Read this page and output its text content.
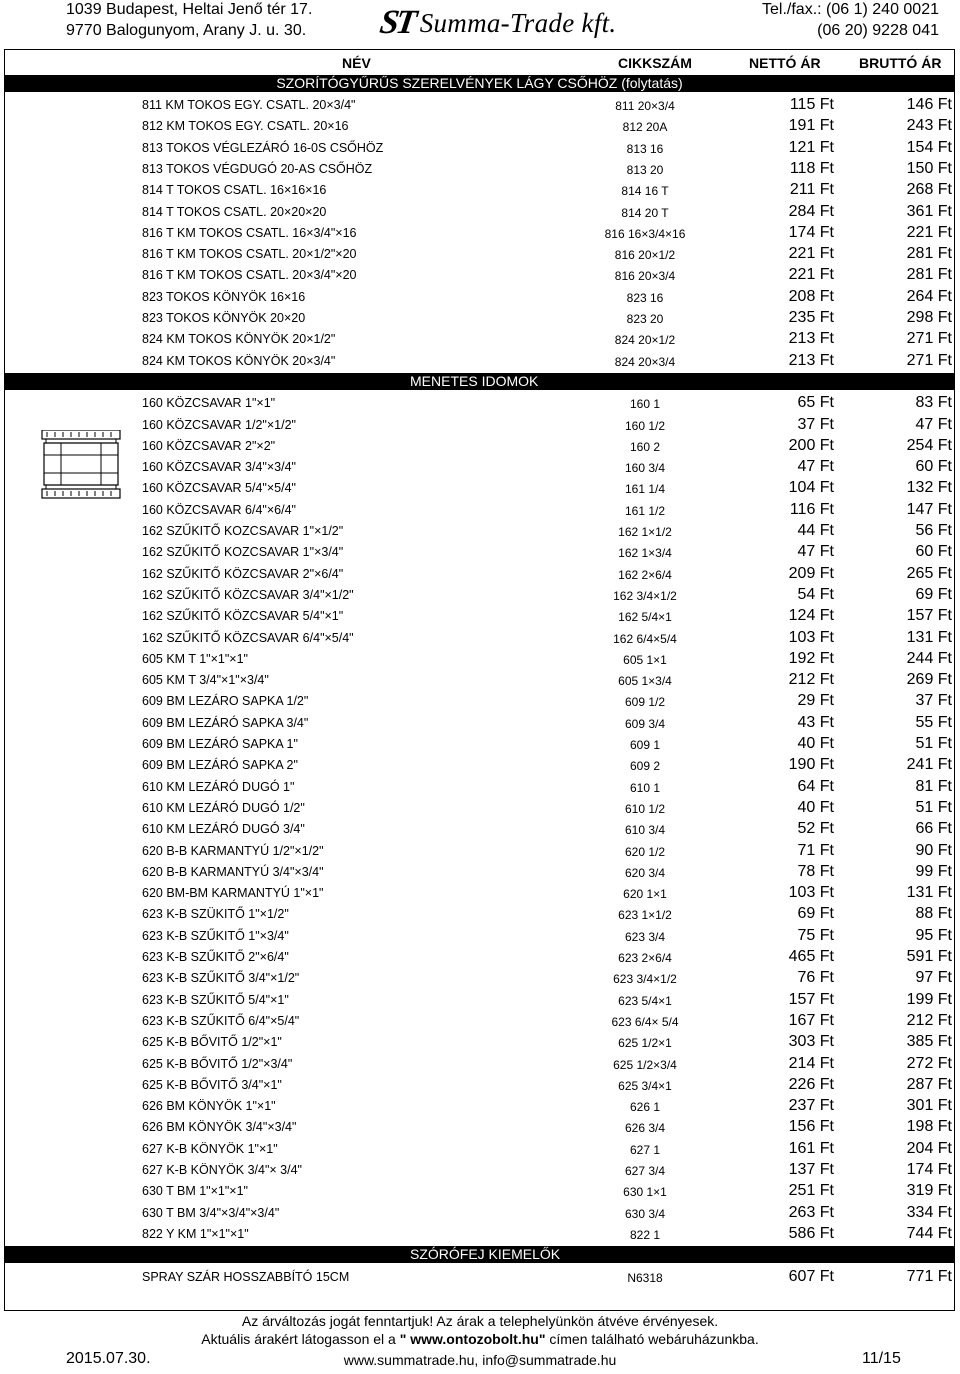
1039 Budapest, Heltai Jenő tér 17.
9770 Balogunyom, Arany J. u. 30. ST Summa-Trade kft.	Tel./fax.: (06 1) 240 0021
(06 20) 9228 041
NÉV	CIKKSZÁM	NETTÓ ÁR	BRUTTÓ ÁR
SZORÍTÓGYŰRŰS SZERELVÉNYEK LÁGY CSŐHÖZ (folytatás)
811 KM TOKOS EGY. CSATL. 20×3/4"	811 20×3/4	115 Ft	146 Ft
812 KM TOKOS EGY. CSATL. 20×16	812 20A	191 Ft	243 Ft
813 TOKOS VÉGLEZÁRÓ 16-0S CSŐHÖZ	813 16	121 Ft	154 Ft
813 TOKOS VÉGDUGÓ 20-AS CSŐHÖZ	813 20	118 Ft	150 Ft
814 T TOKOS CSATL. 16×16×16	814 16 T	211 Ft	268 Ft
814 T TOKOS CSATL. 20×20×20	814 20 T	284 Ft	361 Ft
816 T KM TOKOS CSATL. 16×3/4"×16	816 16×3/4×16	174 Ft	221 Ft
816 T KM TOKOS CSATL. 20×1/2"×20	816 20×1/2	221 Ft	281 Ft
816 T KM TOKOS CSATL. 20×3/4"×20	816 20×3/4	221 Ft	281 Ft
823 TOKOS KÖNYÖK 16×16	823 16	208 Ft	264 Ft
823 TOKOS KÖNYÖK 20×20	823 20	235 Ft	298 Ft
824 KM TOKOS KÖNYÖK 20×1/2"	824 20×1/2	213 Ft	271 Ft
824 KM TOKOS KÖNYÖK 20×3/4"	824 20×3/4	213 Ft	271 Ft
MENETES IDOMOK
160 KÖZCSAVAR 1"×1"	160 1	65 Ft	83 Ft
160 KÖZCSAVAR 1/2"×1/2"	160 1/2	37 Ft	47 Ft
160 KÖZCSAVAR 2"×2"	160 2	200 Ft	254 Ft
160 KÖZCSAVAR 3/4"×3/4"	160 3/4	47 Ft	60 Ft
160 KÖZCSAVAR 5/4"×5/4"	161 1/4	104 Ft	132 Ft
160 KÖZCSAVAR 6/4"×6/4"	161 1/2	116 Ft	147 Ft
162 SZŰKITŐ KOZCSAVAR 1"×1/2"	162 1×1/2	44 Ft	56 Ft
162 SZŰKITŐ KOZCSAVAR 1"×3/4"	162 1×3/4	47 Ft	60 Ft
162 SZŰKITŐ KÖZCSAVAR 2"×6/4"	162 2×6/4	209 Ft	265 Ft
162 SZŰKITŐ KÖZCSAVAR 3/4"×1/2"	162 3/4×1/2	54 Ft	69 Ft
162 SZŰKITŐ KÖZCSAVAR 5/4"×1"	162 5/4×1	124 Ft	157 Ft
162 SZŰKITŐ KÖZCSAVAR 6/4"×5/4"	162 6/4×5/4	103 Ft	131 Ft
605 KM T 1"×1"×1"	605 1×1	192 Ft	244 Ft
605 KM T 3/4"×1"×3/4"	605 1×3/4	212 Ft	269 Ft
609 BM LEZÁRO SAPKA 1/2"	609 1/2	29 Ft	37 Ft
609 BM LEZÁRÓ SAPKA 3/4"	609 3/4	43 Ft	55 Ft
609 BM LEZÁRÓ SAPKA 1"	609 1	40 Ft	51 Ft
609 BM LEZÁRÓ SAPKA 2"	609 2	190 Ft	241 Ft
610 KM LEZÁRÓ DUGÓ 1"	610 1	64 Ft	81 Ft
610 KM LEZÁRÓ DUGÓ 1/2"	610 1/2	40 Ft	51 Ft
610 KM LEZÁRÓ DUGÓ 3/4"	610 3/4	52 Ft	66 Ft
620 B-B KARMANTYÚ 1/2"×1/2"	620 1/2	71 Ft	90 Ft
620 B-B KARMANTYÚ 3/4"×3/4"	620 3/4	78 Ft	99 Ft
620 BM-BM KARMANTYÚ 1"×1"	620 1×1	103 Ft	131 Ft
623 K-B SZÜKITŐ 1"×1/2"	623 1×1/2	69 Ft	88 Ft
623 K-B SZŰKITŐ 1"×3/4"	623 3/4	75 Ft	95 Ft
623 K-B SZŰKITŐ 2"×6/4"	623 2×6/4	465 Ft	591 Ft
623 K-B SZŰKITŐ 3/4"×1/2"	623 3/4×1/2	76 Ft	97 Ft
623 K-B SZŰKITŐ 5/4"×1"	623 5/4×1	157 Ft	199 Ft
623 K-B SZŰKITŐ 6/4"×5/4"	623 6/4× 5/4	167 Ft	212 Ft
625 K-B BŐVITŐ 1/2"×1"	625 1/2×1	303 Ft	385 Ft
625 K-B BŐVITŐ 1/2"×3/4"	625 1/2×3/4	214 Ft	272 Ft
625 K-B BŐVITŐ 3/4"×1"	625 3/4×1	226 Ft	287 Ft
626 BM KÖNYÖK 1"×1"	626 1	237 Ft	301 Ft
626 BM KÖNYÖK 3/4"×3/4"	626 3/4	156 Ft	198 Ft
627 K-B KÖNYÖK 1"×1"	627 1	161 Ft	204 Ft
627 K-B KÖNYÖK 3/4"× 3/4"	627 3/4	137 Ft	174 Ft
630 T BM 1"×1"×1"	630 1×1	251 Ft	319 Ft
630 T BM 3/4"×3/4"×3/4"	630 3/4	263 Ft	334 Ft
822 Y KM 1"×1"×1"	822 1	586 Ft	744 Ft
SZÓRÓFEJ KIEMELŐK
SPRAY SZÁR HOSSZABBÍTÓ 15CM	N6318	607 Ft	771 Ft
Az árváltozás jogát fenntartjuk! Az árak a telephelyünkön átvéve érvényesek.
Aktuális árakért látogasson el a " www.ontozobolt.hu" címen található webáruházunkba.
www.summatrade.hu, info@summatrade.hu
2015.07.30.	11/15
